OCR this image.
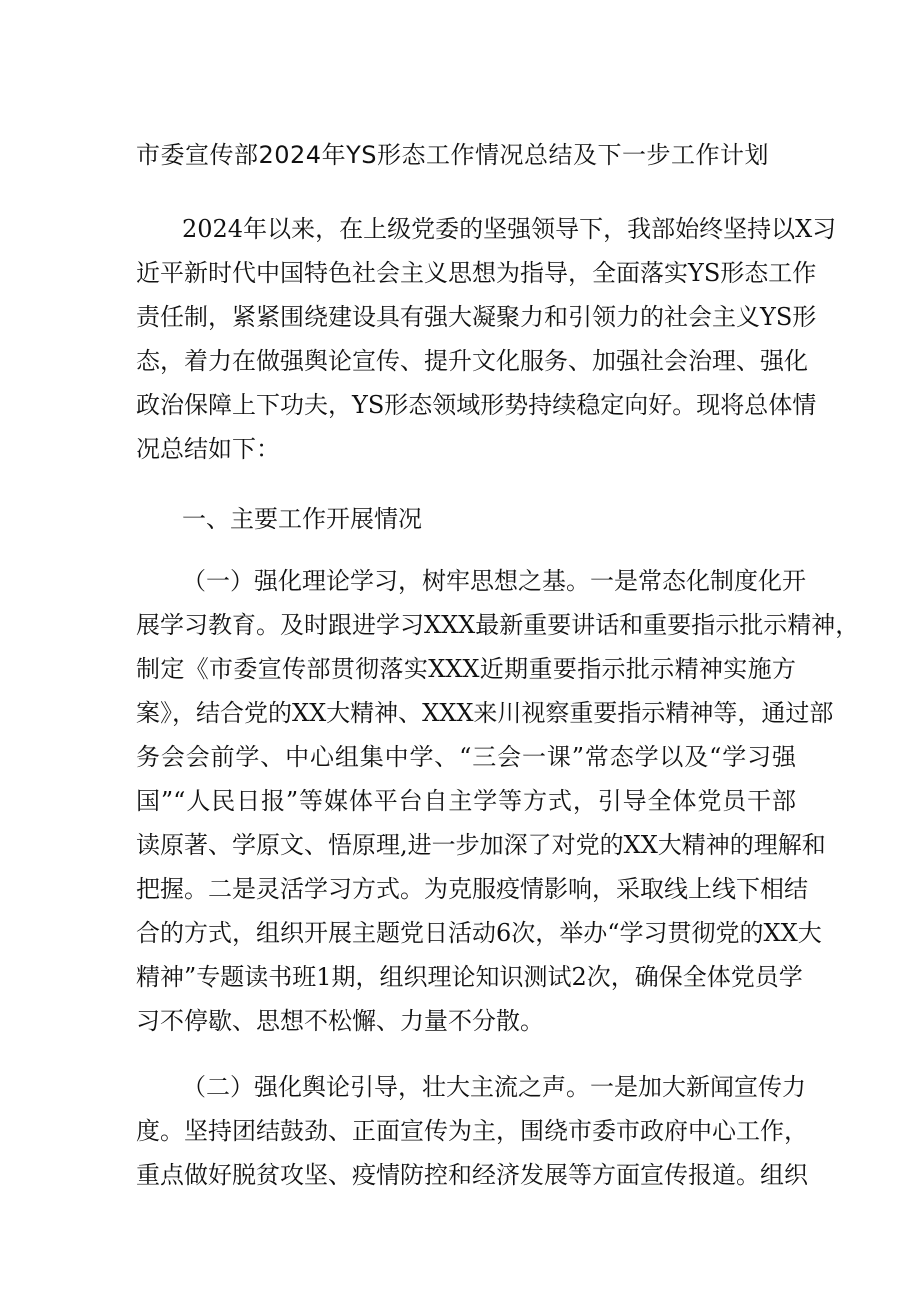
市委宣传部2024年YS形态工作情况总结及下一步工作计划
2024年以来，在上级党委的坚强领导下，我部始终坚持以X习
近平新时代中国特色社会主义思想为指导，全面落实YS形态工作
责任制，紧紧围绕建设具有强大凝聚力和引领力的社会主义YS形
态，着力在做强舆论宣传、提升文化服务、加强社会治理、强化
政治保障上下功夫，YS形态领域形势持续稳定向好。现将总体情
况总结如下：
一、主要工作开展情况
（一）强化理论学习，树牢思想之基。一是常态化制度化开
展学习教育。及时跟进学习XXX最新重要讲话和重要指示批示精神，
制定《市委宣传部贯彻落实XXX近期重要指示批示精神实施方
案》，结合党的XX大精神、XXX来川视察重要指示精神等，通过部
务会会前学、中心组集中学、“三会一课”常态学以及“学习强
国”“人民日报”等媒体平台自主学等方式，引导全体党员干部
读原著、学原文、悟原理,进一步加深了对党的XX大精神的理解和
把握。二是灵活学习方式。为克服疫情影响，采取线上线下相结
合的方式，组织开展主题党日活动6次，举办“学习贯彻党的XX大
精神”专题读书班1期，组织理论知识测试2次，确保全体党员学
习不停歇、思想不松懈、力量不分散。
（二）强化舆论引导，壮大主流之声。一是加大新闻宣传力
度。坚持团结鼓劲、正面宣传为主，围绕市委市政府中心工作，
重点做好脱贫攻坚、疫情防控和经济发展等方面宣传报道。组织
